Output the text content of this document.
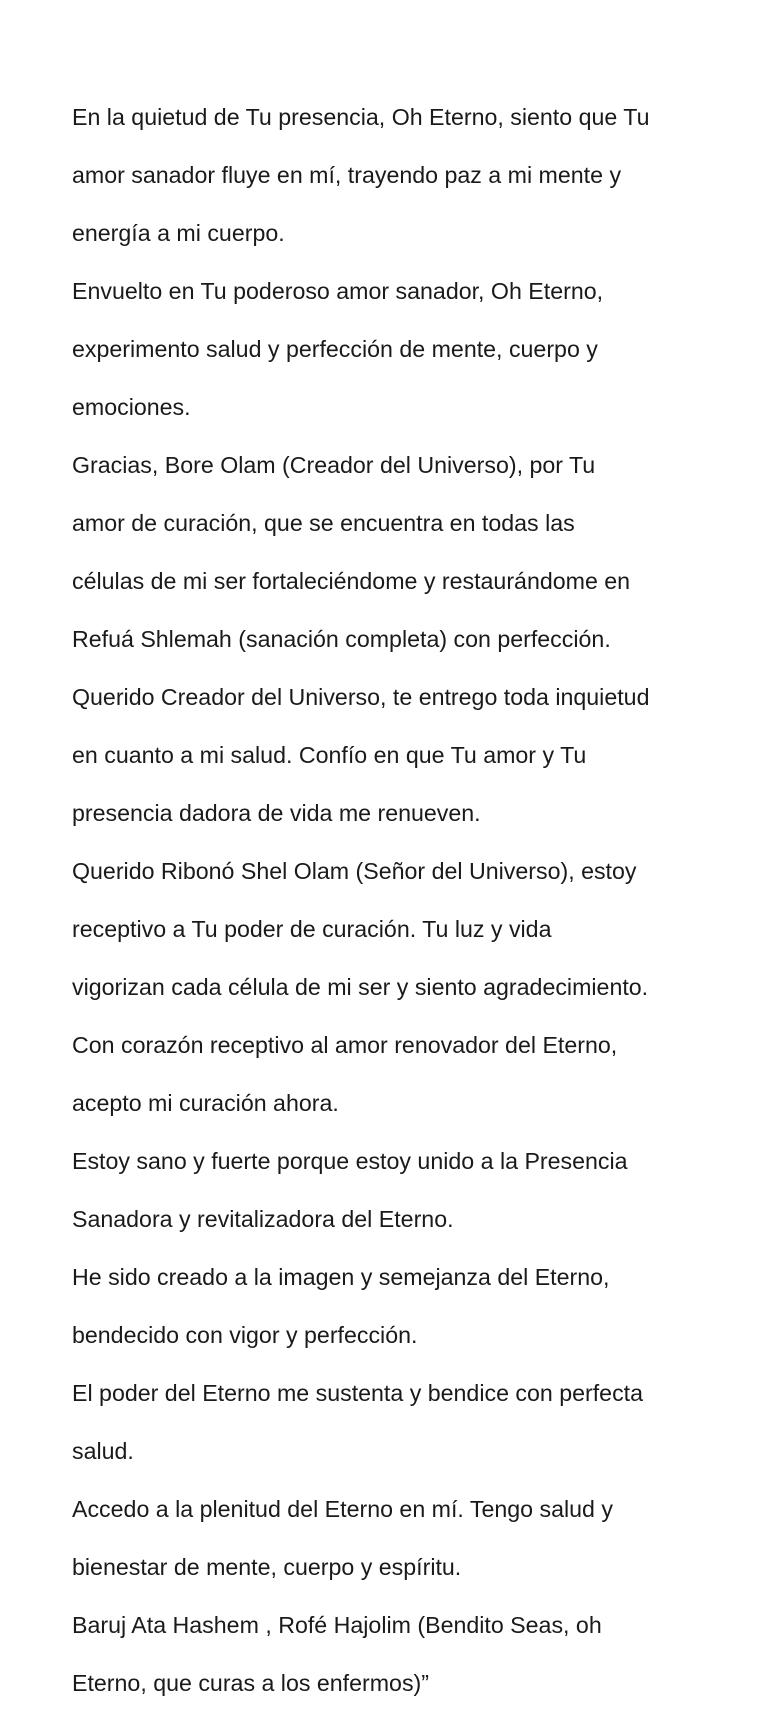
En la quietud de Tu presencia, Oh Eterno, siento que Tu

amor sanador fluye en mí, trayendo paz a mi mente y

energía a mi cuerpo.

Envuelto en Tu poderoso amor sanador, Oh Eterno,

experimento salud y perfección de mente, cuerpo y

emociones.

Gracias, Bore Olam (Creador del Universo), por Tu

amor de curación, que se encuentra en todas las

células de mi ser fortaleciéndome y restaurándome en

Refuá Shlemah (sanación completa) con perfección.

Querido Creador del Universo, te entrego toda inquietud

en cuanto a mi salud. Confío en que Tu amor y Tu

presencia dadora de vida me renueven.

Querido Ribonó Shel Olam (Señor del Universo), estoy

receptivo a Tu poder de curación. Tu luz y vida

vigorizan cada célula de mi ser y siento agradecimiento.

Con corazón receptivo al amor renovador del Eterno,

acepto mi curación ahora.

Estoy sano y fuerte porque estoy unido a la Presencia

Sanadora y revitalizadora del Eterno.

He sido creado a la imagen y semejanza del Eterno,

bendecido con vigor y perfección.

El poder del Eterno me sustenta y bendice con perfecta

salud.

Accedo a la plenitud del Eterno en mí. Tengo salud y

bienestar de mente, cuerpo y espíritu.

Baruj Ata Hashem , Rofé Hajolim (Bendito Seas, oh

Eterno, que curas a los enfermos)”
